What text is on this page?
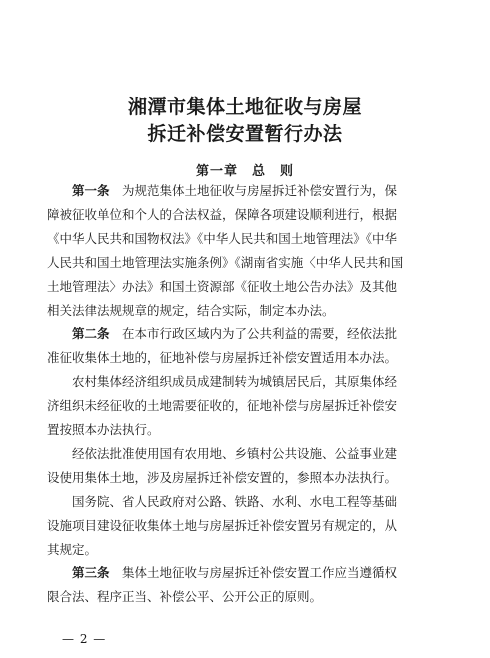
湘潭市集体土地征收与房屋
拆迁补偿安置暂行办法
第一章　总　则
第一条　为规范集体土地征收与房屋拆迁补偿安置行为，保
障被征收单位和个人的合法权益，保障各项建设顺利进行，根据
《中华人民共和国物权法》《中华人民共和国土地管理法》《中华
人民共和国土地管理法实施条例》《湖南省实施〈中华人民共和国
土地管理法〉办法》和国土资源部《征收土地公告办法》及其他
相关法律法规规章的规定，结合实际，制定本办法。
第二条　在本市行政区域内为了公共利益的需要，经依法批
准征收集体土地的，征地补偿与房屋拆迁补偿安置适用本办法。
　　农村集体经济组织成员成建制转为城镇居民后，其原集体经
济组织未经征收的土地需要征收的，征地补偿与房屋拆迁补偿安
置按照本办法执行。
　　经依法批准使用国有农用地、乡镇村公共设施、公益事业建
设使用集体土地，涉及房屋拆迁补偿安置的，参照本办法执行。
　　国务院、省人民政府对公路、铁路、水利、水电工程等基础
设施项目建设征收集体土地与房屋拆迁补偿安置另有规定的，从
其规定。
第三条　集体土地征收与房屋拆迁补偿安置工作应当遵循权
限合法、程序正当、补偿公平、公开公正的原则。
— 2 —
